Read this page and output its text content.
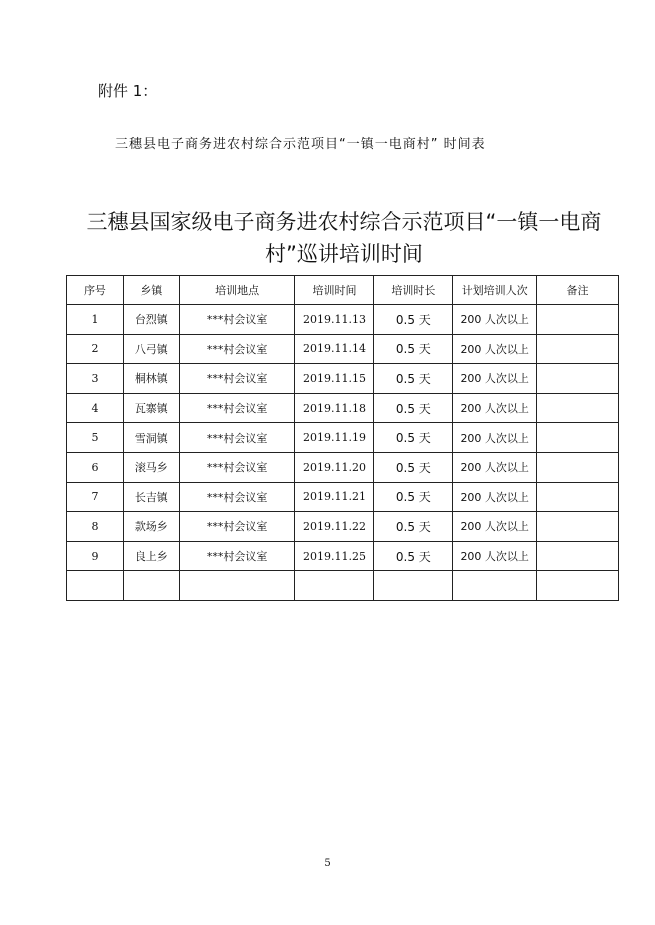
附件 1：
三穗县电子商务进农村综合示范项目“一镇一电商村” 时间表
三穗县国家级电子商务进农村综合示范项目“一镇一电商
村”巡讲培训时间
序号	乡镇	培训地点	培训时间	培训时长	计划培训人次	备注
1	台烈镇	***村会议室	2019.11.13	0.5 天	200 人次以上	
2	八弓镇	***村会议室	2019.11.14	0.5 天	200 人次以上	
3	桐林镇	***村会议室	2019.11.15	0.5 天	200 人次以上	
4	瓦寨镇	***村会议室	2019.11.18	0.5 天	200 人次以上	
5	雪洞镇	***村会议室	2019.11.19	0.5 天	200 人次以上	
6	滚马乡	***村会议室	2019.11.20	0.5 天	200 人次以上	
7	长吉镇	***村会议室	2019.11.21	0.5 天	200 人次以上	
8	款场乡	***村会议室	2019.11.22	0.5 天	200 人次以上	
9	良上乡	***村会议室	2019.11.25	0.5 天	200 人次以上	

5
